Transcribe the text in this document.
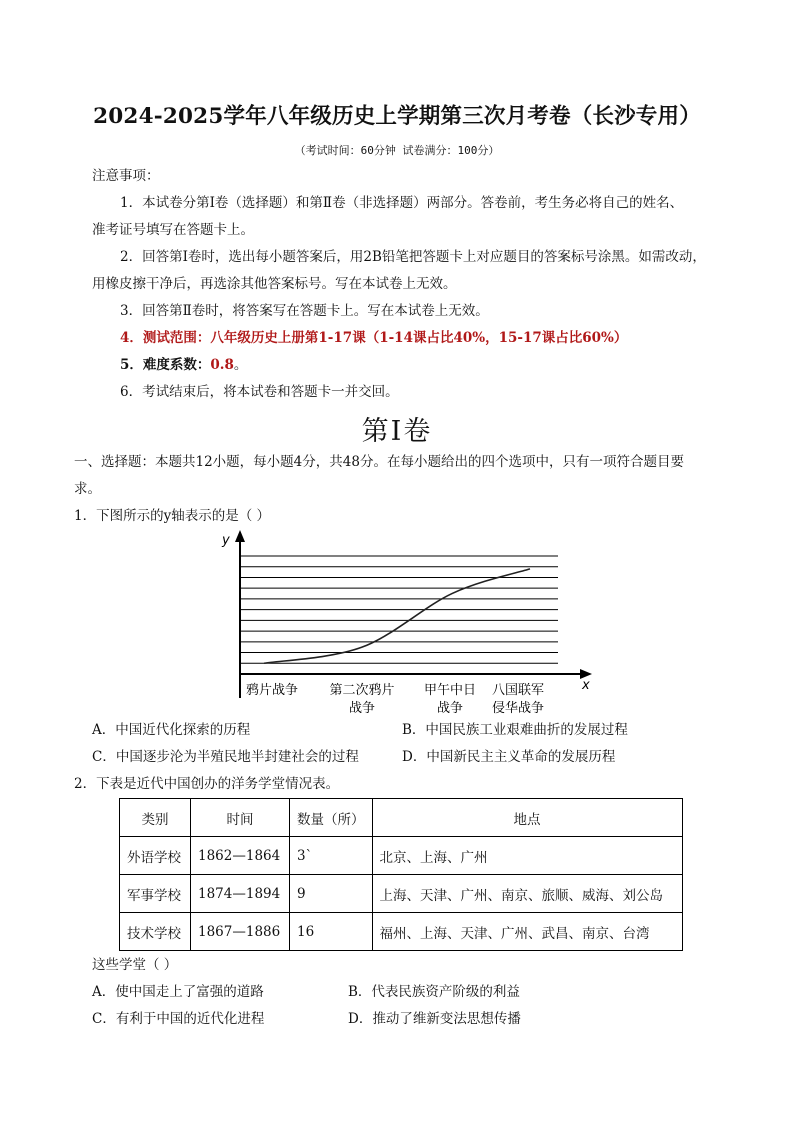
2024-2025学年八年级历史上学期第三次月考卷（长沙专用）
（考试时间：60分钟 试卷满分：100分）
注意事项：
1．本试卷分第Ⅰ卷（选择题）和第Ⅱ卷（非选择题）两部分。答卷前，考生务必将自己的姓名、
准考证号填写在答题卡上。
2．回答第Ⅰ卷时，选出每小题答案后，用2B铅笔把答题卡上对应题目的答案标号涂黑。如需改动，
用橡皮擦干净后，再选涂其他答案标号。写在本试卷上无效。
3．回答第Ⅱ卷时，将答案写在答题卡上。写在本试卷上无效。
4．测试范围：八年级历史上册第1-17课（1-14课占比40%，15-17课占比60%）
5．难度系数：0.8。
6．考试结束后，将本试卷和答题卡一并交回。
第Ⅰ卷
一、选择题：本题共12小题，每小题4分，共48分。在每小题给出的四个选项中，只有一项符合题目要
求。
1．下图所示的y轴表示的是（ ）
y
x
鸦片战争 第二次鸦片
战争
甲午中日
战争
八国联军
侵华战争
A．中国近代化探索的历程	B．中国民族工业艰难曲折的发展过程
C．中国逐步沦为半殖民地半封建社会的过程	D．中国新民主主义革命的发展历程
2．下表是近代中国创办的洋务学堂情况表。
类别	时间	数量（所）	地点
外语学校	1862—1864	3`	北京、上海、广州
军事学校	1874—1894	9	上海、天津、广州、南京、旅顺、威海、刘公岛
技术学校	1867—1886	16	福州、上海、天津、广州、武昌、南京、台湾
这些学堂（ ）
A．使中国走上了富强的道路	B．代表民族资产阶级的利益
C．有利于中国的近代化进程	D．推动了维新变法思想传播
